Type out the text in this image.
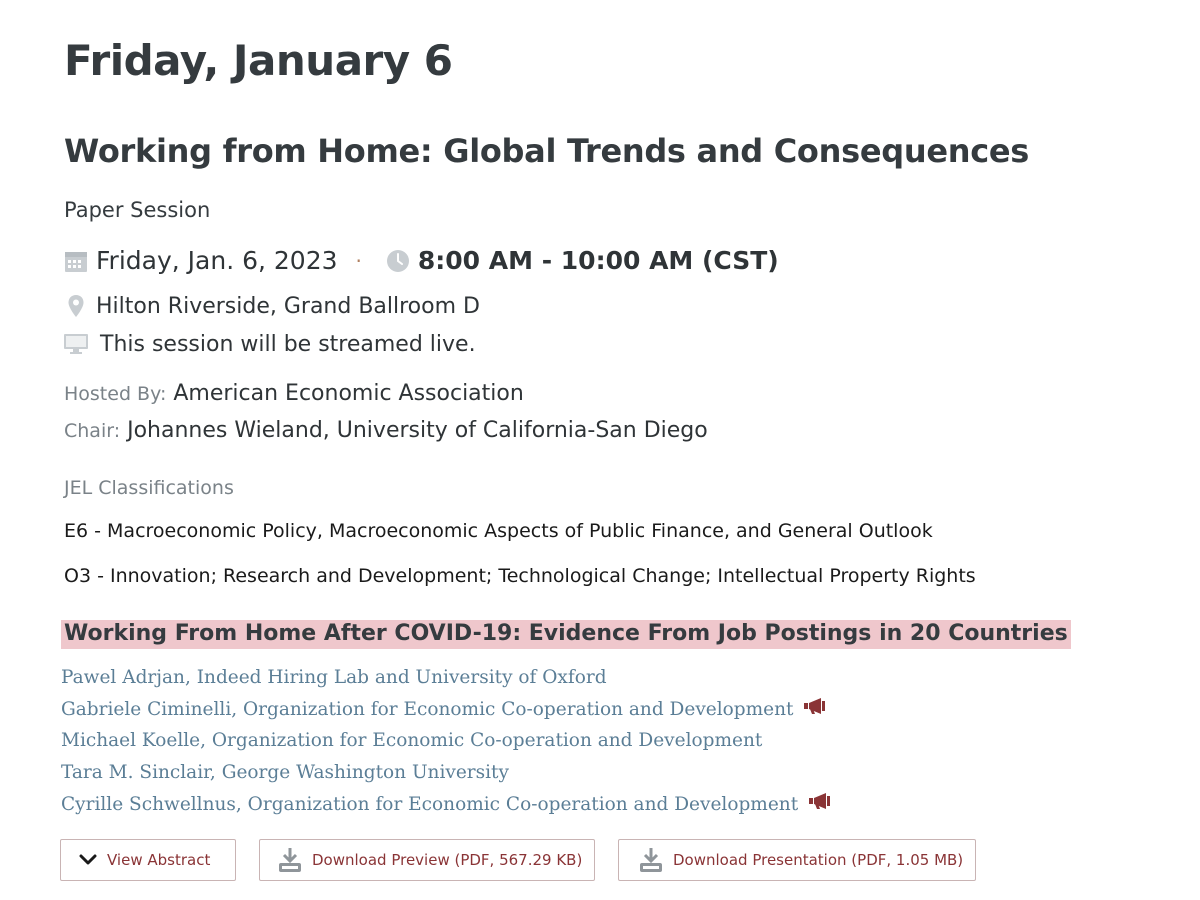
Friday, January 6
Working from Home: Global Trends and Consequences
Paper Session
Friday, Jan. 6, 2023 · 8:00 AM - 10:00 AM (CST)
Hilton Riverside, Grand Ballroom D
This session will be streamed live.
Hosted By: American Economic Association
Chair: Johannes Wieland, University of California-San Diego
JEL Classifications
E6 - Macroeconomic Policy, Macroeconomic Aspects of Public Finance, and General Outlook
O3 - Innovation; Research and Development; Technological Change; Intellectual Property Rights
Working From Home After COVID-19: Evidence From Job Postings in 20 Countries
Pawel Adrjan, Indeed Hiring Lab and University of Oxford
Gabriele Ciminelli, Organization for Economic Co-operation and Development
Michael Koelle, Organization for Economic Co-operation and Development
Tara M. Sinclair, George Washington University
Cyrille Schwellnus, Organization for Economic Co-operation and Development
View Abstract	Download Preview (PDF, 567.29 KB)	Download Presentation (PDF, 1.05 MB)
